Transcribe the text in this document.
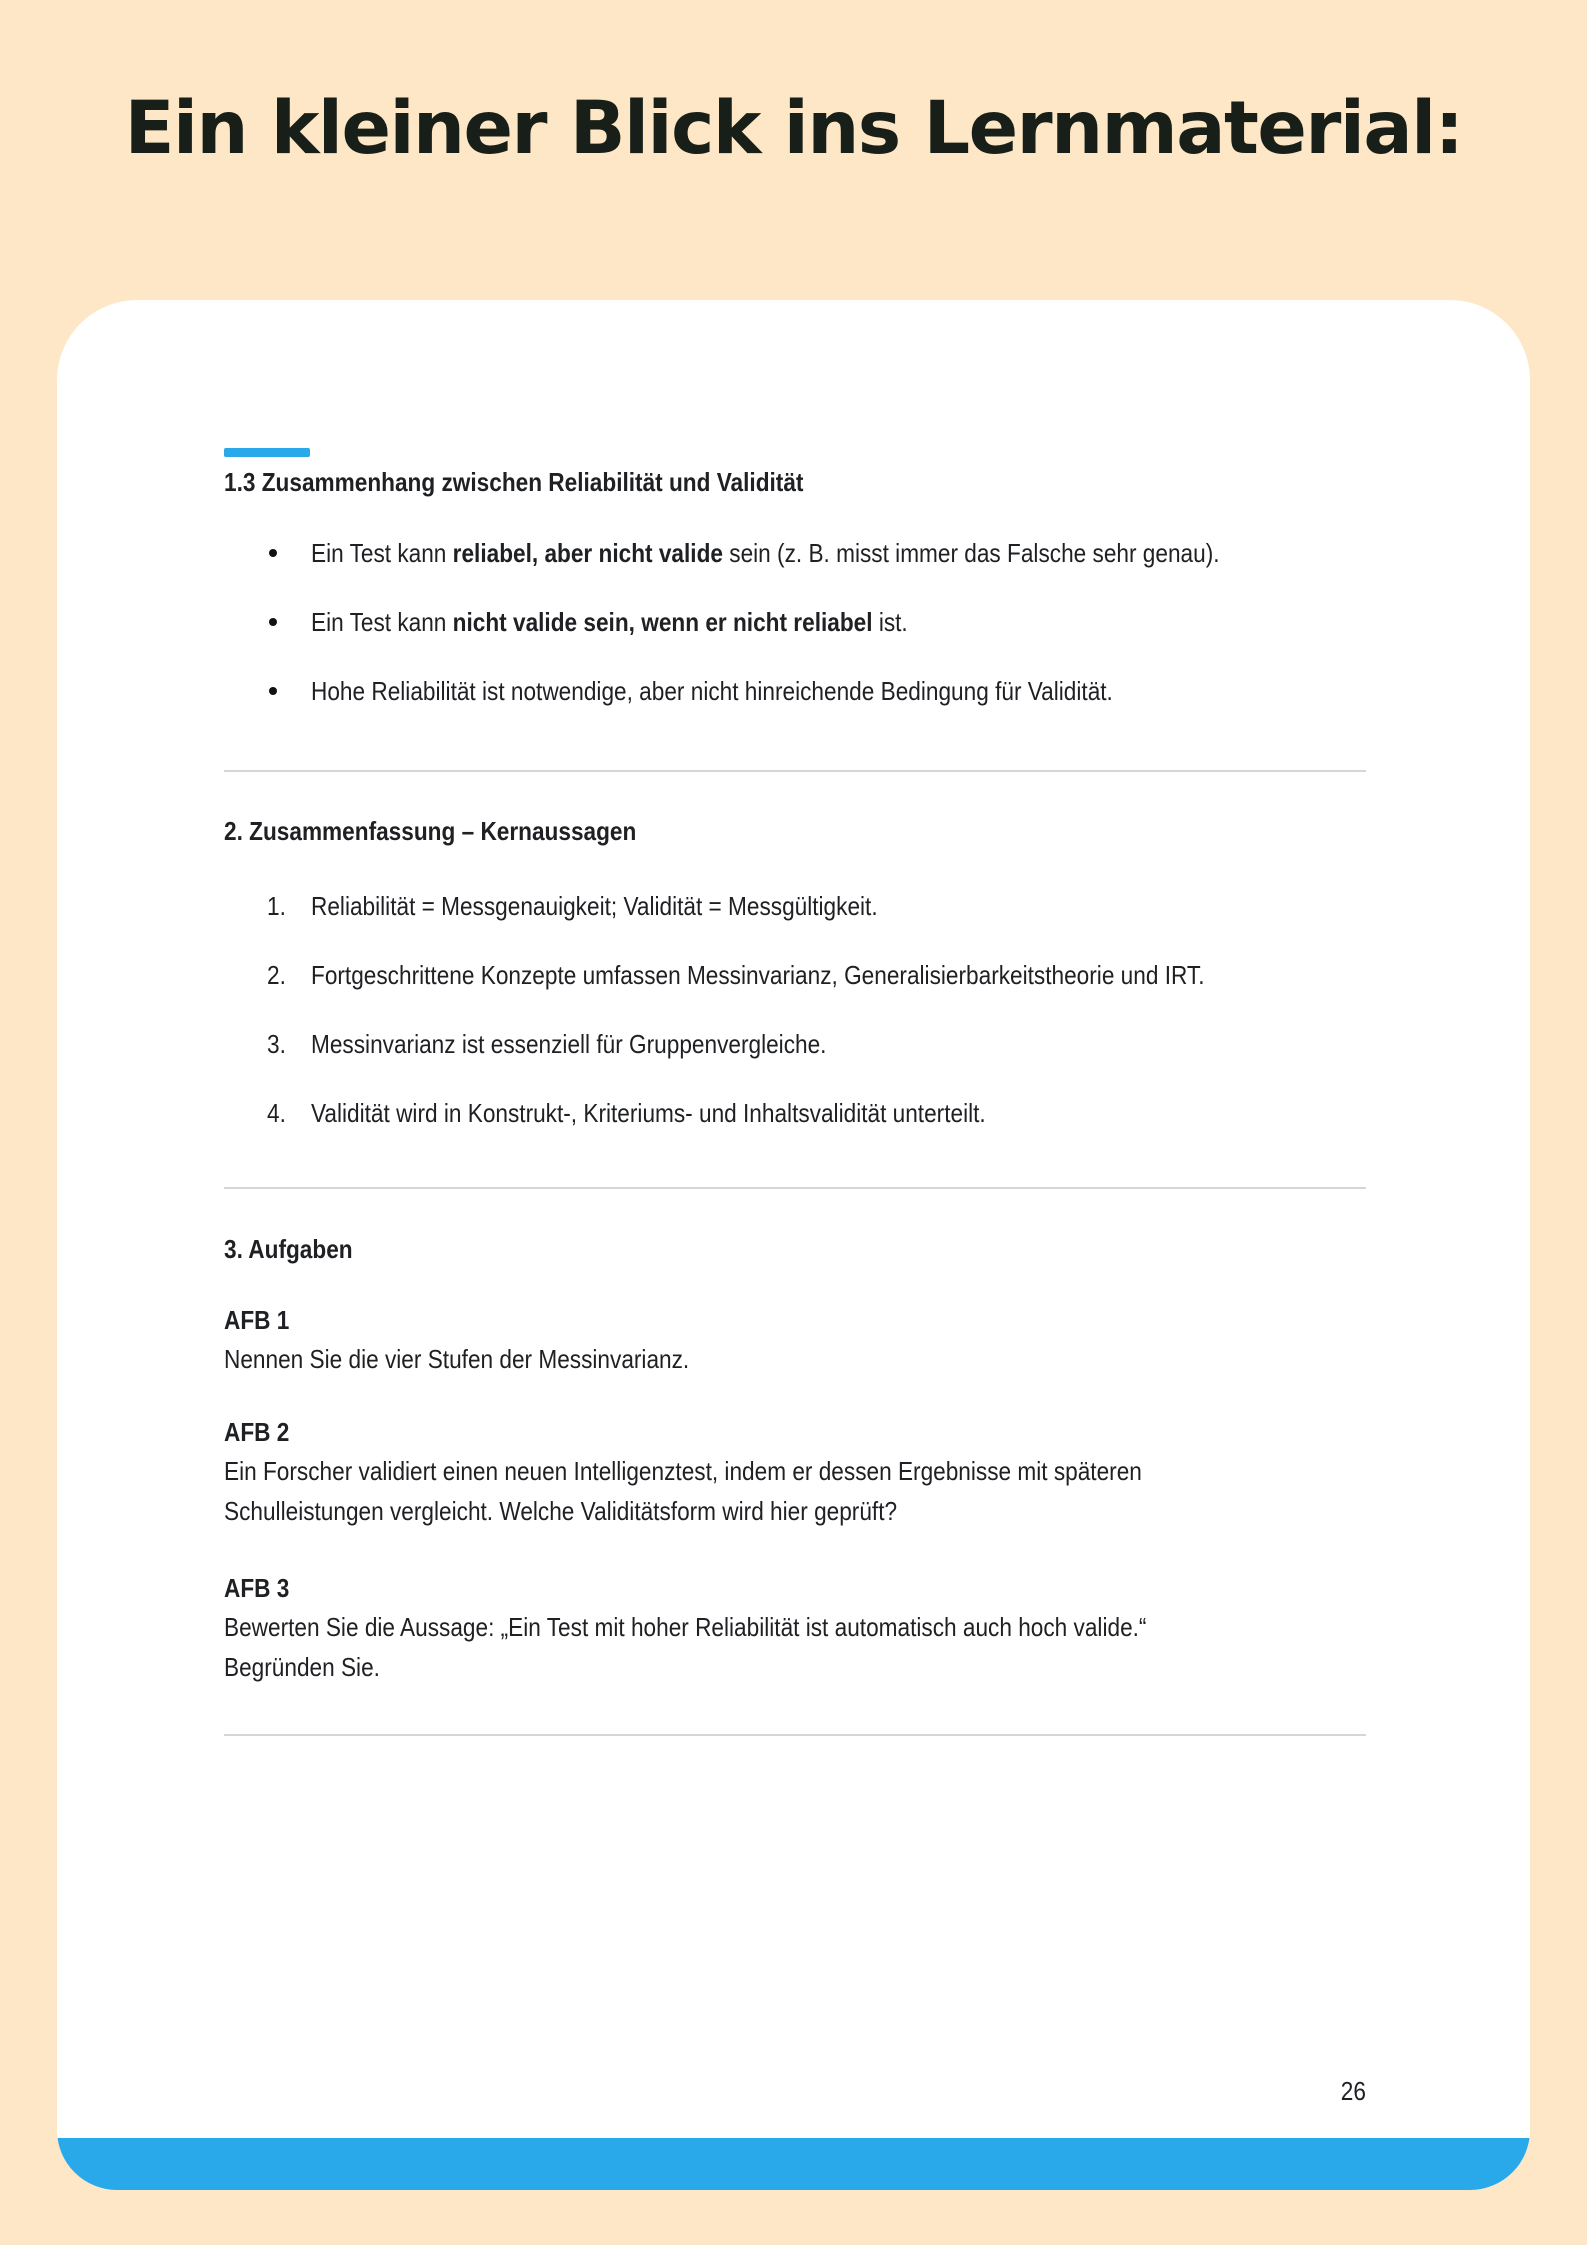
Ein kleiner Blick ins Lernmaterial:
1.3 Zusammenhang zwischen Reliabilität und Validität
Ein Test kann reliabel, aber nicht valide sein (z. B. misst immer das Falsche sehr genau).
Ein Test kann nicht valide sein, wenn er nicht reliabel ist.
Hohe Reliabilität ist notwendige, aber nicht hinreichende Bedingung für Validität.
2. Zusammenfassung – Kernaussagen
1. Reliabilität = Messgenauigkeit; Validität = Messgültigkeit.
2. Fortgeschrittene Konzepte umfassen Messinvarianz, Generalisierbarkeitstheorie und IRT.
3. Messinvarianz ist essenziell für Gruppenvergleiche.
4. Validität wird in Konstrukt-, Kriteriums- und Inhaltsvalidität unterteilt.
3. Aufgaben
AFB 1
Nennen Sie die vier Stufen der Messinvarianz.
AFB 2
Ein Forscher validiert einen neuen Intelligenztest, indem er dessen Ergebnisse mit späteren
Schulleistungen vergleicht. Welche Validitätsform wird hier geprüft?
AFB 3
Bewerten Sie die Aussage: „Ein Test mit hoher Reliabilität ist automatisch auch hoch valide.“
Begründen Sie.
26
